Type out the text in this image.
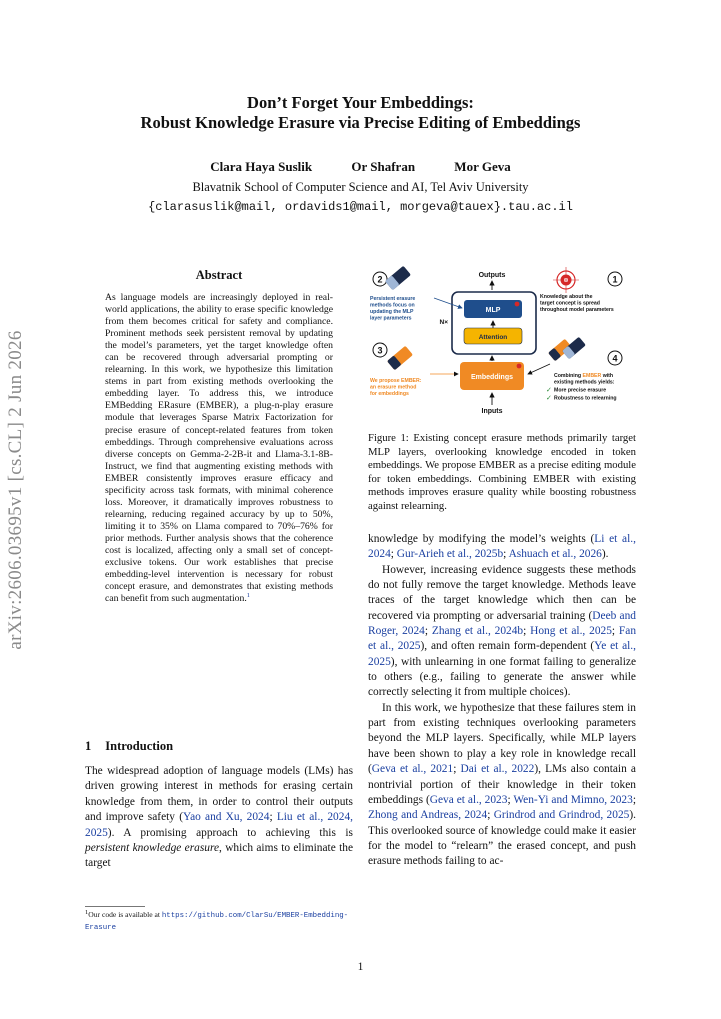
arXiv:2606.03695v1 [cs.CL] 2 Jun 2026
Don’t Forget Your Embeddings:
Robust Knowledge Erasure via Precise Editing of Embeddings
Clara Haya Suslik	Or Shafran	Mor Geva
Blavatnik School of Computer Science and AI, Tel Aviv University
{clarasuslik@mail, ordavids1@mail, morgeva@tauex}.tau.ac.il
Abstract
As language models are increasingly deployed in real-world applications, the ability to erase specific knowledge from them becomes critical for safety and compliance. Prominent methods seek persistent removal by updating the model’s parameters, yet the target knowledge often can be recovered through adversarial prompting or relearning. In this work, we hypothesize this limitation stems in part from existing methods overlooking the embedding layer. To address this, we introduce EMBedding ERasure (EMBER), a plug-n-play erasure module that leverages Sparse Matrix Factorization for precise erasure of concept-related features from token embeddings. Through comprehensive evaluations across diverse concepts on Gemma-2-2B-it and Llama-3.1-8B-Instruct, we find that augmenting existing methods with EMBER consistently improves erasure efficacy and specificity across task formats, with minimal coherence loss. Moreover, it dramatically improves robustness to relearning, reducing regained accuracy by up to 50%, limiting it to 35% on Llama compared to 70%–76% for prior methods. Further analysis shows that the coherence cost is localized, affecting only a small set of concept-exclusive tokens. Our work establishes that precise embedding-level intervention is necessary for robust concept erasure, and demonstrates that existing methods can benefit from such augmentation.$^1$
1 Introduction
The widespread adoption of language models (LMs) has driven growing interest in methods for erasing certain knowledge from them, in order to control their outputs and improve safety (Yao and Xu, 2024; Liu et al., 2024, 2025). A promising approach to achieving this is persistent knowledge erasure, which aims to eliminate the target
$^1$Our code is available at https://github.com/ClarSu/EMBER-Embedding-Erasure
Outputs
Inputs
N×
MLP
Attention
Embeddings
2
Persistent erasure methods focus on updating the MLP layer parameters
3
We propose EMBER: an erasure method for embeddings
1
Knowledge about the target concept is spread throughout model parameters
4
Combining EMBER with existing methods yields:
✓ More precise erasure
✓ Robustness to relearning
Figure 1: Existing concept erasure methods primarily target MLP layers, overlooking knowledge encoded in token embeddings. We propose EMBER as a precise editing module for token embeddings. Combining EMBER with existing methods improves erasure quality while boosting robustness against relearning.

knowledge by modifying the model’s weights (Li et al., 2024; Gur-Arieh et al., 2025b; Ashuach et al., 2026).

However, increasing evidence suggests these methods do not fully remove the target knowledge. Methods leave traces of the target knowledge which then can be recovered via prompting or adversarial training (Deeb and Roger, 2024; Zhang et al., 2024b; Hong et al., 2025; Fan et al., 2025), and often remain form-dependent (Ye et al., 2025), with unlearning in one format failing to generalize to others (e.g., failing to generate the answer while correctly selecting it from multiple choices).

In this work, we hypothesize that these failures stem in part from existing techniques overlooking parameters beyond the MLP layers. Specifically, while MLP layers have been shown to play a key role in knowledge recall (Geva et al., 2021; Dai et al., 2022), LMs also contain a nontrivial portion of their knowledge in their token embeddings (Geva et al., 2023; Wen-Yi and Mimno, 2023; Zhong and Andreas, 2024; Grindrod and Grindrod, 2025). This overlooked source of knowledge could make it easier for the model to “relearn” the erased concept, and push erasure methods failing to ac-

1
